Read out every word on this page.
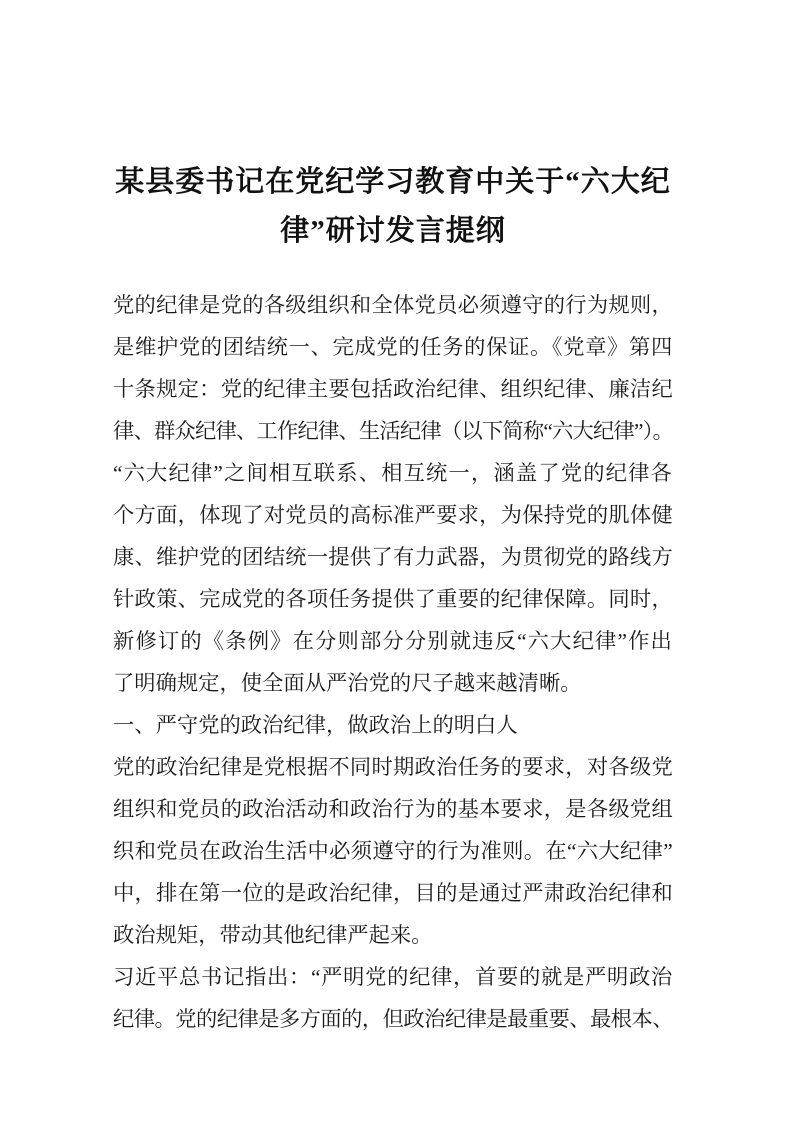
某县委书记在党纪学习教育中关于“六大纪
律”研讨发言提纲
党的纪律是党的各级组织和全体党员必须遵守的行为规则，
是维护党的团结统一、完成党的任务的保证。《党章》第四
十条规定：党的纪律主要包括政治纪律、组织纪律、廉洁纪
律、群众纪律、工作纪律、生活纪律（以下简称“六大纪律”）。
“六大纪律”之间相互联系、相互统一，涵盖了党的纪律各
个方面，体现了对党员的高标准严要求，为保持党的肌体健
康、维护党的团结统一提供了有力武器，为贯彻党的路线方
针政策、完成党的各项任务提供了重要的纪律保障。同时，
新修订的《条例》在分则部分分别就违反“六大纪律”作出
了明确规定，使全面从严治党的尺子越来越清晰。
一、严守党的政治纪律，做政治上的明白人
党的政治纪律是党根据不同时期政治任务的要求，对各级党
组织和党员的政治活动和政治行为的基本要求，是各级党组
织和党员在政治生活中必须遵守的行为准则。在“六大纪律”
中，排在第一位的是政治纪律，目的是通过严肃政治纪律和
政治规矩，带动其他纪律严起来。
习近平总书记指出：“严明党的纪律，首要的就是严明政治
纪律。党的纪律是多方面的，但政治纪律是最重要、最根本、
